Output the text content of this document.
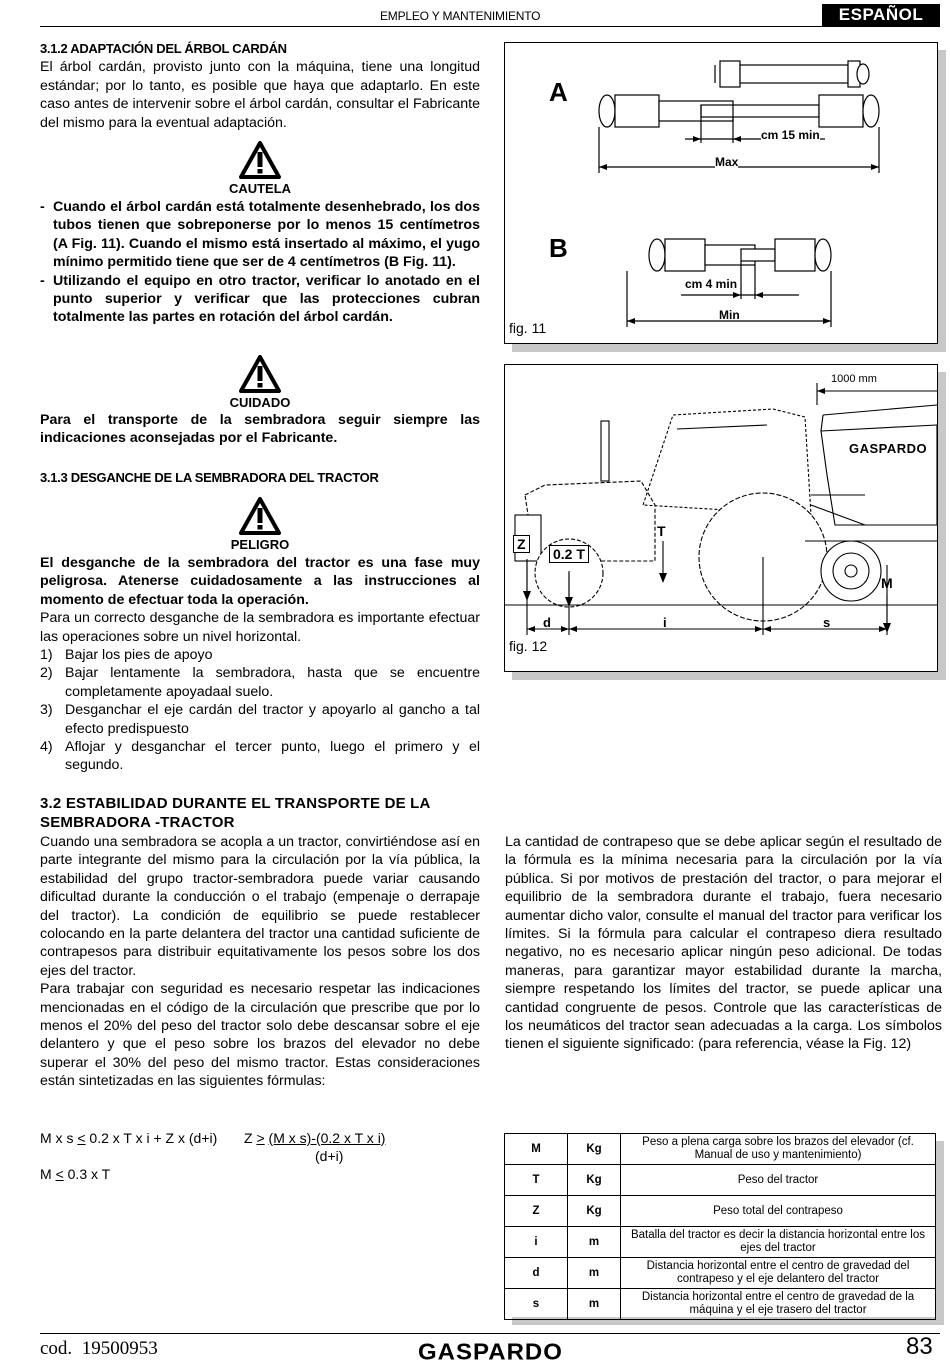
EMPLEO Y MANTENIMIENTO	ESPAÑOL
3.1.2 ADAPTACIÓN DEL ÁRBOL CARDÁN
El árbol cardán, provisto junto con la máquina, tiene una longitud estándar; por lo tanto, es posible que haya que adaptarlo. En este caso antes de intervenir sobre el árbol cardán, consultar el Fabricante del mismo para la eventual adaptación.
CAUTELA
- Cuando el árbol cardán está totalmente desenhebrado, los dos tubos tienen que sobreponerse por lo menos 15 centímetros (A Fig. 11). Cuando el mismo está insertado al máximo, el yugo mínimo permitido tiene que ser de 4 centímetros (B Fig. 11).
- Utilizando el equipo en otro tractor, verificar lo anotado en el punto superior y verificar que las protecciones cubran totalmente las partes en rotación del árbol cardán.
CUIDADO
Para el transporte de la sembradora seguir siempre las indicaciones aconsejadas por el Fabricante.
3.1.3 DESGANCHE DE LA SEMBRADORA DEL TRACTOR
PELIGRO
El desganche de la sembradora del tractor es una fase muy peligrosa. Atenerse cuidadosamente a las instrucciones al momento de efectuar toda la operación.
Para un correcto desganche de la sembradora es importante efectuar las operaciones sobre un nivel horizontal.
1) Bajar los pies de apoyo
2) Bajar lentamente la sembradora, hasta que se encuentre completamente apoyadaal suelo.
3) Desganchar el eje cardán del tractor y apoyarlo al gancho a tal efecto predispuesto
4) Aflojar y desganchar el tercer punto, luego el primero y el segundo.
3.2 ESTABILIDAD DURANTE EL TRANSPORTE DE LA SEMBRADORA -TRACTOR
Cuando una sembradora se acopla a un tractor, convirtiéndose así en parte integrante del mismo para la circulación por la vía pública, la estabilidad del grupo tractor-sembradora puede variar causando dificultad durante la conducción o el trabajo (empenaje o derrapaje del tractor). La condición de equilibrio se puede restablecer colocando en la parte delantera del tractor una cantidad suficiente de contrapesos para distribuir equitativamente los pesos sobre los dos ejes del tractor.
Para trabajar con seguridad es necesario respetar las indicaciones mencionadas en el código de la circulación que prescribe que por lo menos el 20% del peso del tractor solo debe descansar sobre el eje delantero y que el peso sobre los brazos del elevador no debe superar el 30% del peso del mismo tractor. Estas consideraciones están sintetizadas en las siguientes fórmulas:
M x s < 0.2 x T x i + Z x (d+i) Z > (M x s)-(0.2 x T x i)
(d+i)
M < 0.3 x T
La cantidad de contrapeso que se debe aplicar según el resultado de la fórmula es la mínima necesaria para la circulación por la vía pública. Si por motivos de prestación del tractor, o para mejorar el equilibrio de la sembradora durante el trabajo, fuera necesario aumentar dicho valor, consulte el manual del tractor para verificar los límites. Si la fórmula para calcular el contrapeso diera resultado negativo, no es necesario aplicar ningún peso adicional. De todas maneras, para garantizar mayor estabilidad durante la marcha, siempre respetando los límites del tractor, se puede aplicar una cantidad congruente de pesos. Controle que las características de los neumáticos del tractor sean adecuadas a la carga. Los símbolos tienen el siguiente significado: (para referencia, véase la Fig. 12)
A
B
cm 15 min
Max
cm 4 min
Min
fig. 11
1000 mm
GASPARDO
Z
0.2 T
T
M
d	i	s
fig. 12
M	Kg	Peso a plena carga sobre los brazos del elevador (cf. Manual de uso y mantenimiento)
T	Kg	Peso del tractor
Z	Kg	Peso total del contrapeso
i	m	Batalla del tractor es decir la distancia horizontal entre los ejes del tractor
d	m	Distancia horizontal entre el centro de gravedad del contrapeso y el eje delantero del tractor
s	m	Distancia horizontal entre el centro de gravedad de la máquina y el eje trasero del tractor
cod. 19500953	GASPARDO	83
